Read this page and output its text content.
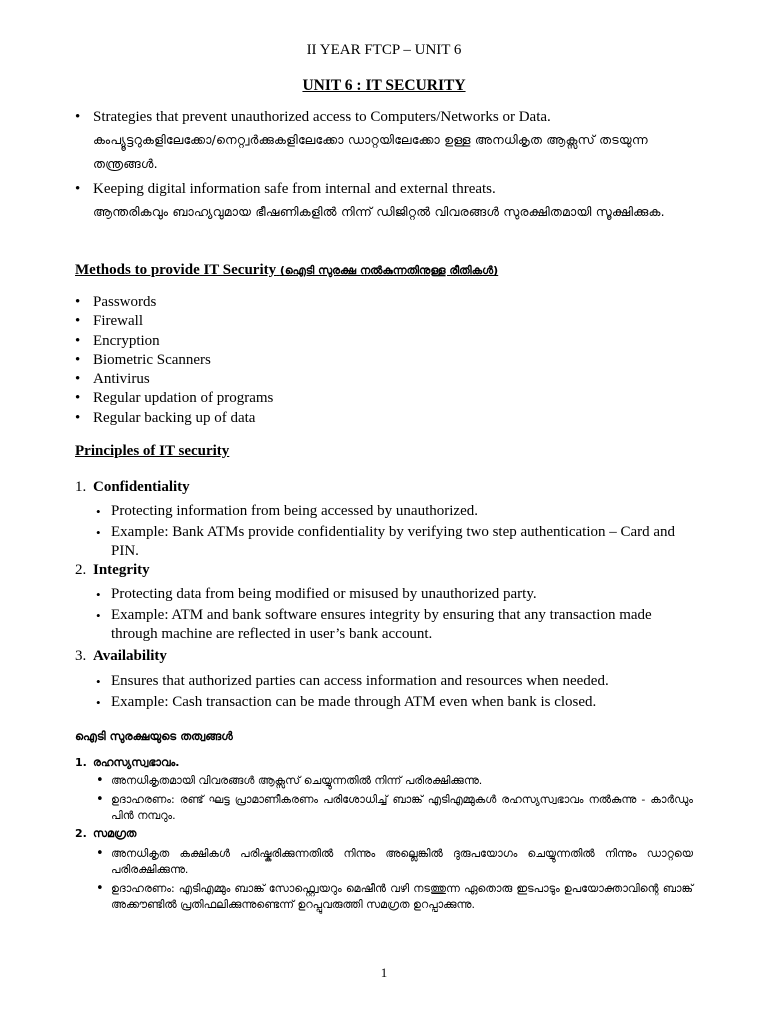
II YEAR FTCP – UNIT 6
UNIT 6 : IT SECURITY
• Strategies that prevent unauthorized access to Computers/Networks or Data.
കംപ്യൂട്ടറുകളിലേക്കോ/നെറ്റ്വർക്കുകളിലേക്കോ ഡാറ്റയിലേക്കോ ഉള്ള അനധികൃത ആക്സസ് തടയുന്ന തന്ത്രങ്ങൾ.
• Keeping digital information safe from internal and external threats.
ആന്തരികവും ബാഹ്യവുമായ ഭീഷണികളിൽ നിന്ന് ഡിജിറ്റൽ വിവരങ്ങൾ സുരക്ഷിതമായി സൂക്ഷിക്കുക.
Methods to provide IT Security (ഐടി സുരക്ഷ നൽകുന്നതിനുള്ള രീതികൾ)
• Passwords
• Firewall
• Encryption
• Biometric Scanners
• Antivirus
• Regular updation of programs
• Regular backing up of data
Principles of IT security
1. Confidentiality
• Protecting information from being accessed by unauthorized.
• Example: Bank ATMs provide confidentiality by verifying two step authentication – Card and PIN.
2. Integrity
• Protecting data from being modified or misused by unauthorized party.
• Example: ATM and bank software ensures integrity by ensuring that any transaction made through machine are reflected in user’s bank account.
3. Availability
• Ensures that authorized parties can access information and resources when needed.
• Example: Cash transaction can be made through ATM even when bank is closed.
ഐടി സുരക്ഷയുടെ തത്വങ്ങൾ
1. രഹസ്യസ്വഭാവം.
• അനധികൃതമായി വിവരങ്ങൾ ആക്സസ് ചെയ്യുന്നതിൽ നിന്ന് പരിരക്ഷിക്കുന്നു.
• ഉദാഹരണം: രണ്ട് ഘട്ട പ്രാമാണീകരണം പരിശോധിച്ച് ബാങ്ക് എടിഎമ്മുകൾ രഹസ്യസ്വഭാവം നൽകുന്നു - കാർഡും പിൻ നമ്പറും.
2. സമഗ്രത
• അനധികൃത കക്ഷികൾ പരിഷ്കരിക്കുന്നതിൽ നിന്നും അല്ലെങ്കിൽ ദുരുപയോഗം ചെയ്യുന്നതിൽ നിന്നും ഡാറ്റയെ പരിരക്ഷിക്കുന്നു.
• ഉദാഹരണം: എടിഎമ്മും ബാങ്ക് സോഫ്റ്റ്വെയറും മെഷീൻ വഴി നടത്തുന്ന ഏതൊരു ഇടപാടും ഉപയോക്താവിന്റെ ബാങ്ക് അക്കൗണ്ടിൽ പ്രതിഫലിക്കുന്നുണ്ടെന്ന് ഉറപ്പുവരുത്തി സമഗ്രത ഉറപ്പാക്കുന്നു.
1
